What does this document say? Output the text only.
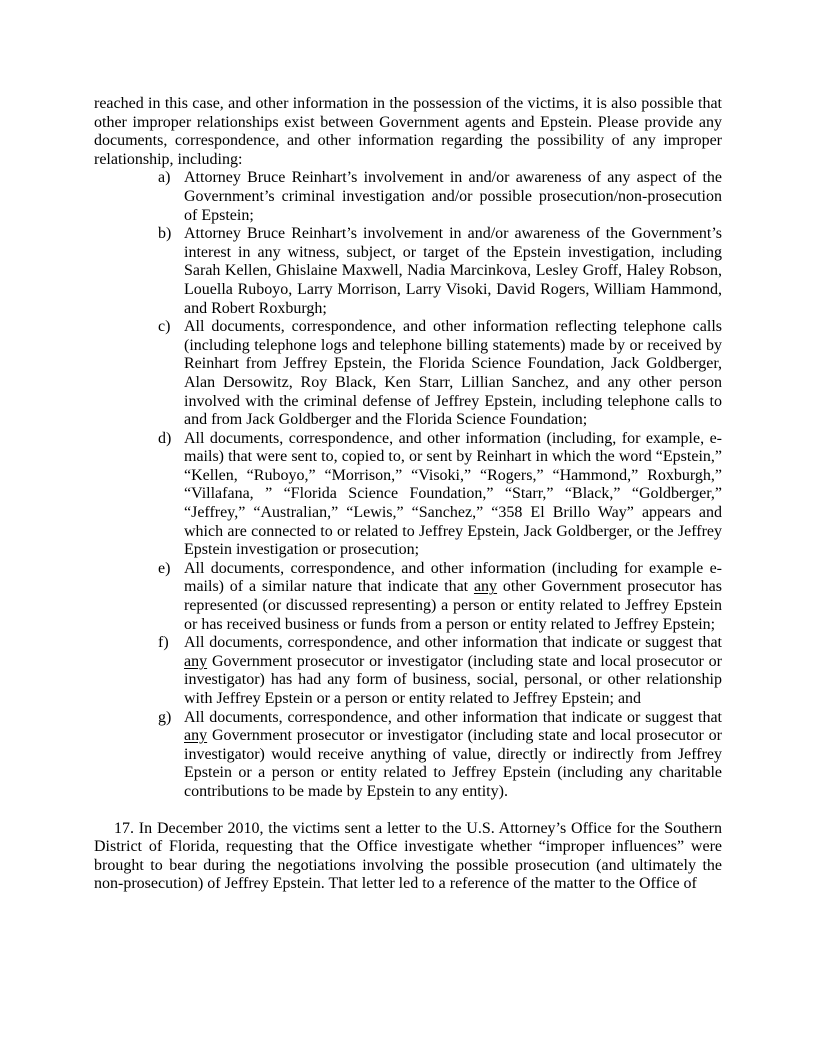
reached in this case, and other information in the possession of the victims, it is also possible that other improper relationships exist between Government agents and Epstein. Please provide any documents, correspondence, and other information regarding the possibility of any improper relationship, including:

a) Attorney Bruce Reinhart’s involvement in and/or awareness of any aspect of the Government’s criminal investigation and/or possible prosecution/non-prosecution of Epstein;
b) Attorney Bruce Reinhart’s involvement in and/or awareness of the Government’s interest in any witness, subject, or target of the Epstein investigation, including Sarah Kellen, Ghislaine Maxwell, Nadia Marcinkova, Lesley Groff, Haley Robson, Louella Ruboyo, Larry Morrison, Larry Visoki, David Rogers, William Hammond, and Robert Roxburgh;
c) All documents, correspondence, and other information reflecting telephone calls (including telephone logs and telephone billing statements) made by or received by Reinhart from Jeffrey Epstein, the Florida Science Foundation, Jack Goldberger, Alan Dersowitz, Roy Black, Ken Starr, Lillian Sanchez, and any other person involved with the criminal defense of Jeffrey Epstein, including telephone calls to and from Jack Goldberger and the Florida Science Foundation;
d) All documents, correspondence, and other information (including, for example, e-mails) that were sent to, copied to, or sent by Reinhart in which the word “Epstein,” “Kellen, “Ruboyo,” “Morrison,” “Visoki,” “Rogers,” “Hammond,” Roxburgh,” “Villafana, ” “Florida Science Foundation,” “Starr,” “Black,” “Goldberger,” “Jeffrey,” “Australian,” “Lewis,” “Sanchez,” “358 El Brillo Way” appears and which are connected to or related to Jeffrey Epstein, Jack Goldberger, or the Jeffrey Epstein investigation or prosecution;
e) All documents, correspondence, and other information (including for example e-mails) of a similar nature that indicate that any other Government prosecutor has represented (or discussed representing) a person or entity related to Jeffrey Epstein or has received business or funds from a person or entity related to Jeffrey Epstein;
f) All documents, correspondence, and other information that indicate or suggest that any Government prosecutor or investigator (including state and local prosecutor or investigator) has had any form of business, social, personal, or other relationship with Jeffrey Epstein or a person or entity related to Jeffrey Epstein; and
g) All documents, correspondence, and other information that indicate or suggest that any Government prosecutor or investigator (including state and local prosecutor or investigator) would receive anything of value, directly or indirectly from Jeffrey Epstein or a person or entity related to Jeffrey Epstein (including any charitable contributions to be made by Epstein to any entity).

17. In December 2010, the victims sent a letter to the U.S. Attorney’s Office for the Southern District of Florida, requesting that the Office investigate whether “improper influences” were brought to bear during the negotiations involving the possible prosecution (and ultimately the non-prosecution) of Jeffrey Epstein. That letter led to a reference of the matter to the Office of
